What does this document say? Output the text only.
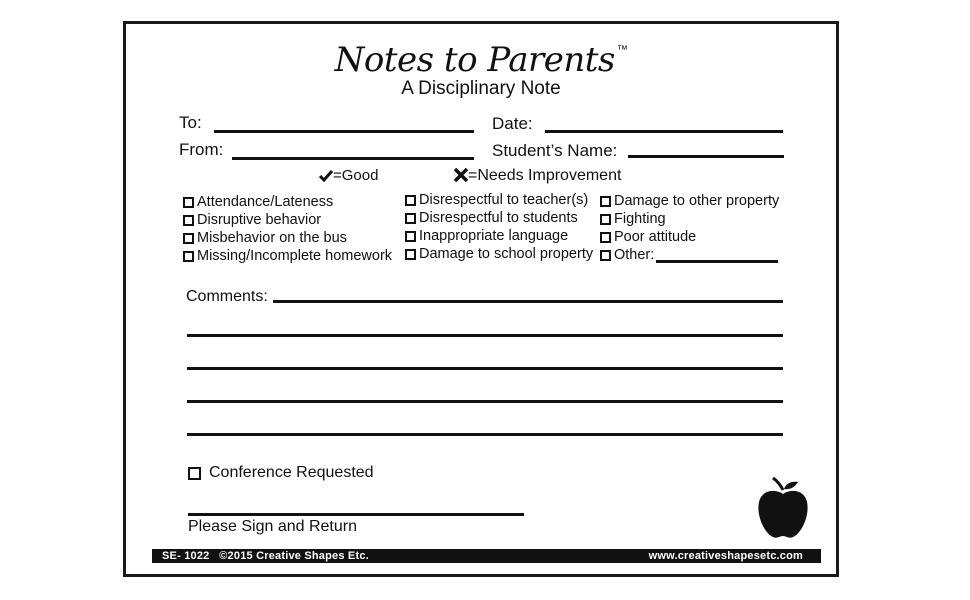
Notes to Parents ™
A Disciplinary Note
To:	Date:
From:	Student’s Name:
=Good	=Needs Improvement
Attendance/Lateness
Disruptive behavior
Misbehavior on the bus
Missing/Incomplete homework
Disrespectful to teacher(s)
Disrespectful to students
Inappropriate language
Damage to school property
Damage to other property
Fighting
Poor attitude
Other:
Comments:
Conference Requested
Please Sign and Return
SE- 1022 ©2015 Creative Shapes Etc.	www.creativeshapesetc.com
